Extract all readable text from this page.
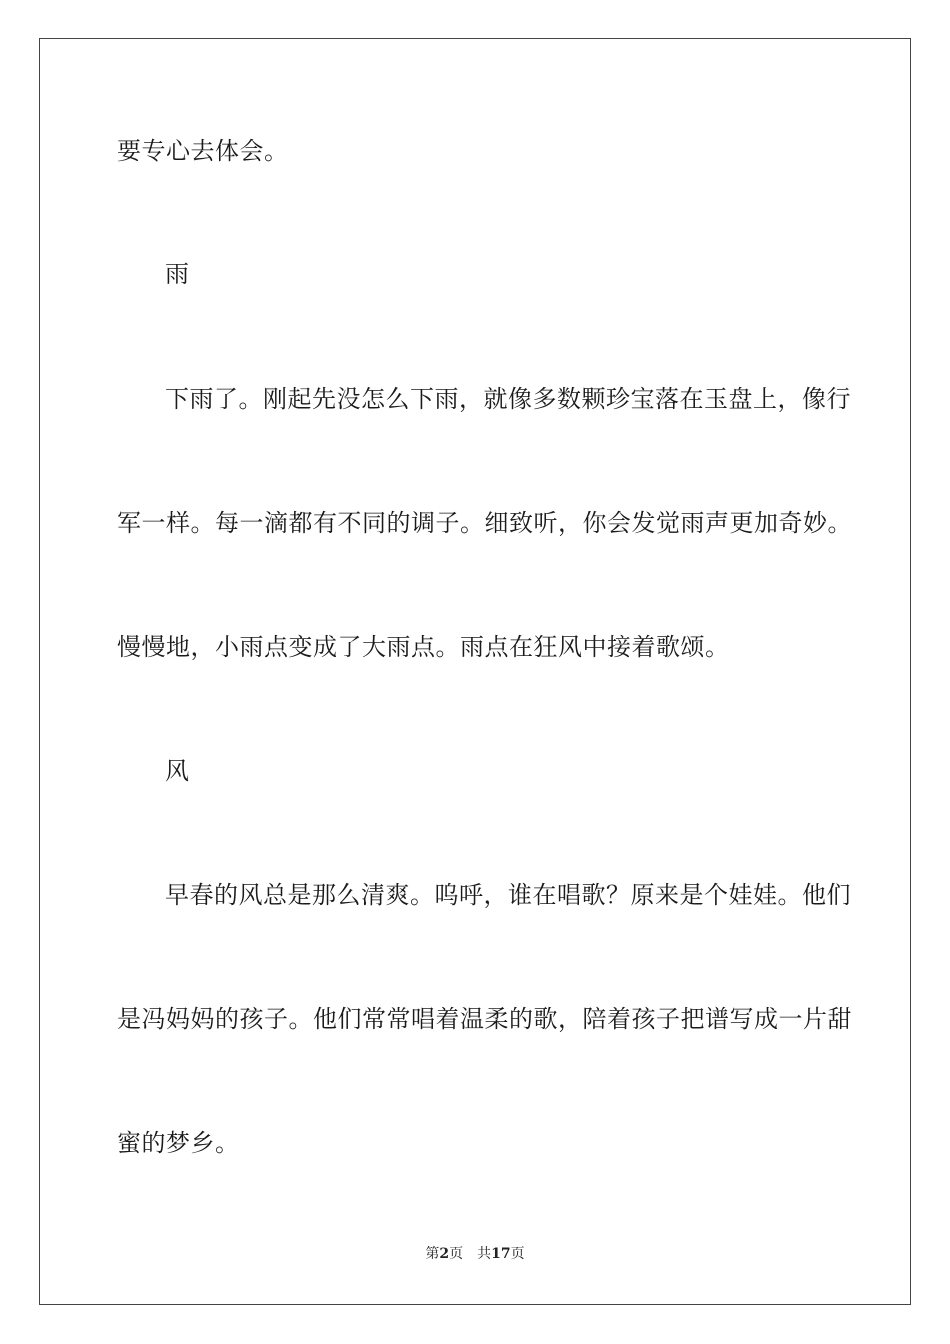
要专心去体会。
雨
下雨了。刚起先没怎么下雨，就像多数颗珍宝落在玉盘上，像行
军一样。每一滴都有不同的调子。细致听，你会发觉雨声更加奇妙。
慢慢地，小雨点变成了大雨点。雨点在狂风中接着歌颂。
风
早春的风总是那么清爽。呜呼，谁在唱歌？原来是个娃娃。他们
是冯妈妈的孩子。他们常常唱着温柔的歌，陪着孩子把谱写成一片甜
蜜的梦乡。
第2页 共17页
